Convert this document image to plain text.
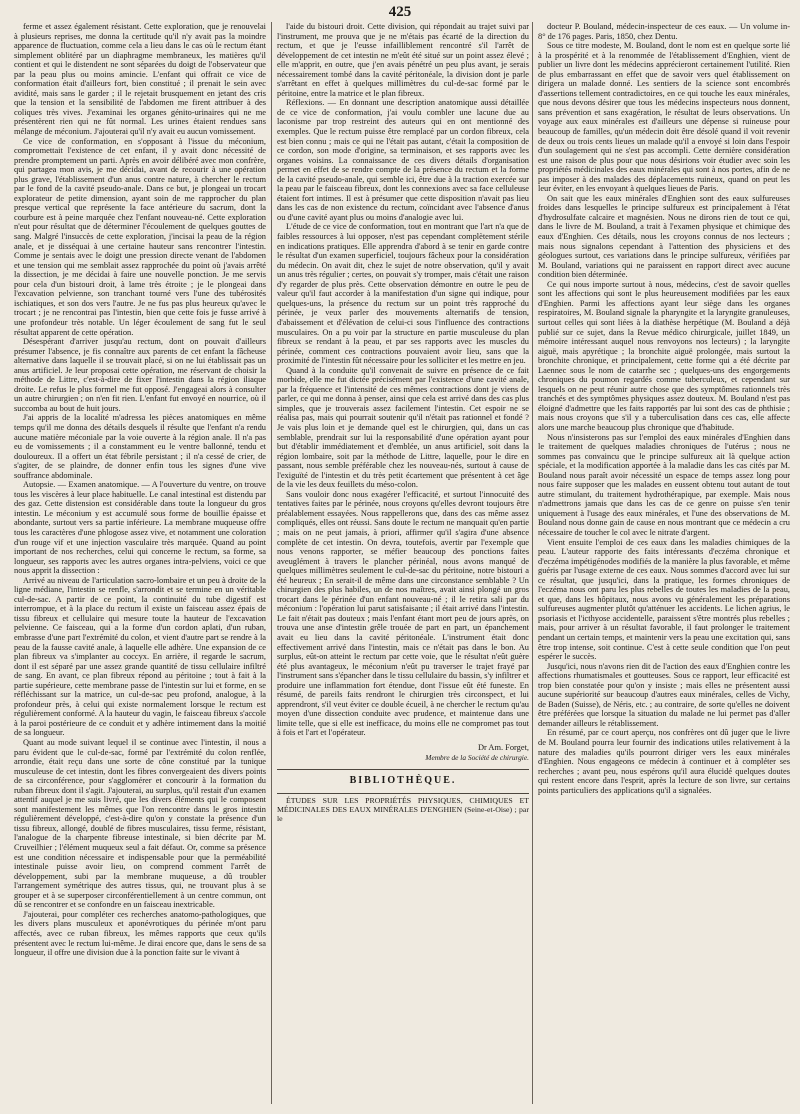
425

ferme et assez également résistant. Cette exploration, que je renouvelai à plusieurs reprises, me donna la certitude qu'il n'y avait pas la moindre apparence de fluctuation, comme cela a lieu dans le cas où le rectum étant simplement oblitéré par un diaphragme membraneux, les matières qu'il contient et qui le distendent ne sont séparées du doigt de l'observateur que par la peau plus ou moins amincie. L'enfant qui offrait ce vice de conformation était d'ailleurs fort, bien constitué ; il prenait le sein avec avidité, mais sans le garder ; il le rejetait brusquement en jetant des cris que la tension et la sensibilité de l'abdomen me firent attribuer à des coliques très vives. J'examinai les organes génito-urinaires qui ne me présentèrent rien qui ne fût normal. Les urines étaient rendues sans mélange de méconium. J'ajouterai qu'il n'y avait eu aucun vomissement.

Ce vice de conformation, en s'opposant à l'issue du méconium, compromettait l'existence de cet enfant, il y avait donc nécessité de prendre promptement un parti. Après en avoir délibéré avec mon confrère, qui partagea mon avis, je me décidai, avant de recourir à une opération plus grave, l'établissement d'un anus contre nature, à chercher le rectum par le fond de la cavité pseudo-anale. Dans ce but, je plongeai un trocart explorateur de petite dimension, ayant soin de me rapprocher du plan presque vertical que représente la face antérieure du sacrum, dont la courbure est à peine marquée chez l'enfant nouveau-né. Cette exploration n'eut pour résultat que de déterminer l'écoulement de quelques gouttes de sang. Malgré l'insuccès de cette exploration, j'incisai la peau de la région anale, et je disséquai à une certaine hauteur sans rencontrer l'intestin. Comme je sentais avec le doigt une pression directe venant de l'abdomen et une tension qui me semblait assez rapprochée du point où j'avais arrêté la dissection, je me décidai à faire une nouvelle ponction. Je me servis pour cela d'un bistouri droit, à lame très étroite ; je le plongeai dans l'excavation pelvienne, son tranchant tourné vers l'une des tubérosités ischiatiques, et son dos vers l'autre. Je ne fus pas plus heureux qu'avec le trocart ; je ne rencontrai pas l'intestin, bien que cette fois je fusse arrivé à une profondeur très notable. Un léger écoulement de sang fut le seul résultat apparent de cette opération.

Désespérant d'arriver jusqu'au rectum, dont on pouvait d'ailleurs présumer l'absence, je fis connaître aux parents de cet enfant la fâcheuse alternative dans laquelle il se trouvait placé, si on ne lui établissait pas un anus artificiel. Je leur proposai cette opération, me réservant de choisir la méthode de Littre, c'est-à-dire de fixer l'intestin dans la région iliaque droite. Le refus le plus formel me fut opposé. J'engageai alors à consulter un autre chirurgien ; on n'en fit rien. L'enfant fut envoyé en nourrice, où il succomba au bout de huit jours.

J'ai appris de la localité m'adressa les pièces anatomiques en même temps qu'il me donna des détails desquels il résulte que l'enfant n'a rendu aucune matière méconiale par la voie ouverte à la région anale. Il n'a pas eu de vomissements ; il a constamment eu le ventre ballonné, tendu et douloureux. Il a offert un état fébrile persistant ; il n'a cessé de crier, de s'agiter, de se plaindre, de donner enfin tous les signes d'une vive souffrance abdominale.

Autopsie. — Examen anatomique. — A l'ouverture du ventre, on trouve tous les viscères à leur place habituelle. Le canal intestinal est distendu par des gaz. Cette distension est considérable dans toute la longueur du gros intestin. Le méconium y est accumulé sous forme de bouillie épaisse et abondante, surtout vers sa partie inférieure. La membrane muqueuse offre tous les caractères d'une phlogose assez vive, et notamment une coloration d'un rouge vif et une injection vasculaire très marquée. Quand au point important de nos recherches, celui qui concerne le rectum, sa forme, sa longueur, ses rapports avec les autres organes intra-pelviens, voici ce que nous apprit la dissection :

Arrivé au niveau de l'articulation sacro-lombaire et un peu à droite de la ligne médiane, l'intestin se renfle, s'arrondit et se termine en un véritable cul-de-sac. A partir de ce point, la continuité du tube digestif est interrompue, et à la place du rectum il existe un faisceau assez épais de tissu fibreux et cellulaire qui mesure toute la hauteur de l'excavation pelvienne. Ce faisceau, qui a la forme d'un cordon aplati, d'un ruban, embrasse d'une part l'extrémité du colon, et vient d'autre part se rendre à la peau de la fausse cavité anale, à laquelle elle adhère. Une expansion de ce plan fibreux va s'implanter au coccyx. En arrière, il regarde le sacrum, dont il est séparé par une assez grande quantité de tissu cellulaire infiltré de sang. En avant, ce plan fibreux répond au péritoine ; tout à fait à la partie supérieure, cette membrane passe de l'intestin sur lui et forme, en se réfléchissant sur la matrice, un cul-de-sac peu profond, analogue, à la profondeur près, à celui qui existe normalement lorsque le rectum est régulièrement conformé. A la hauteur du vagin, le faisceau fibreux s'accole à la paroi postérieure de ce conduit et y adhère intimement dans la moitié de sa longueur.

Quant au mode suivant lequel il se continue avec l'intestin, il nous a paru évident que le cul-de-sac, formé par l'extrémité du colon renflée, arrondie, était reçu dans une sorte de cône constitué par la tunique musculeuse de cet intestin, dont les fibres convergeaient des divers points de sa circonférence, pour s'agglomérer et concourir à la formation du ruban fibreux dont il s'agit. J'ajouterai, au surplus, qu'il restait d'un examen attentif auquel je me suis livré, que les divers éléments qui le composent sont manifestement les mêmes que l'on rencontre dans le gros intestin régulièrement développé, c'est-à-dire qu'on y constate la présence d'un tissu fibreux, allongé, doublé de fibres musculaires, tissu ferme, résistant, l'analogue de la charpente fibreuse intestinale, si bien décrite par M. Cruveilhier ; l'élément muqueux seul a fait défaut. Or, comme sa présence est une condition nécessaire et indispensable pour que la perméabilité intestinale puisse avoir lieu, on comprend comment l'arrêt de développement, subi par la membrane muqueuse, a dû troubler l'arrangement symétrique des autres tissus, qui, ne trouvant plus à se grouper et à se superposer circonférentiellement à un centre commun, ont dû se rencontrer et se confondre en un faisceau inextricable.

J'ajouterai, pour compléter ces recherches anatomo-pathologiques, que les divers plans musculeux et aponévrotiques du périnée m'ont paru affectés, avec ce ruban fibreux, les mêmes rapports que ceux qu'ils présentent avec le rectum lui-même. Je dirai encore que, dans le sens de sa longueur, il offre une division due à la ponction faite sur le vivant à

l'aide du bistouri droit. Cette division, qui répondait au trajet suivi par l'instrument, me prouva que je ne m'étais pas écarté de la direction du rectum, et que je l'eusse infailliblement rencontré s'il l'arrêt de développement de cet intestin ne m'eût été situé sur un point assez élevé ; elle m'apprit, en outre, que j'en avais pénétré un peu plus avant, je serais nécessairement tombé dans la cavité péritonéale, la division dont je parle s'arrêtant en effet à quelques millimètres du cul-de-sac formé par le péritoine, entre la matrice et le plan fibreux.

Réflexions. — En donnant une description anatomique aussi détaillée de ce vice de conformation, j'ai voulu combler une lacune due au laconisme par trop restreint des auteurs qui en ont mentionné des exemples. Que le rectum puisse être remplacé par un cordon fibreux, cela est bien connu ; mais ce qui ne l'était pas autant, c'était la composition de ce cordon, son mode d'origine, sa terminaison, et ses rapports avec les organes voisins. La connaissance de ces divers détails d'organisation permet en effet de se rendre compte de la présence du rectum et la forme de la cavité pseudo-anale, qui semble ici, être due à la traction exercée sur la peau par le faisceau fibreux, dont les connexions avec sa face celluleuse étaient fort intimes. Il est à présumer que cette disposition n'avait pas lieu dans les cas de non existence du rectum, coïncidant avec l'absence d'anus ou d'une cavité ayant plus ou moins d'analogie avec lui.

L'étude de ce vice de conformation, tout en montrant que l'art n'a que de faibles ressources à lui opposer, n'est pas cependant complètement stérile en indications pratiques. Elle apprendra d'abord à se tenir en garde contre le résultat d'un examen superficiel, toujours fâcheux pour la considération du médecin. On avait dit, chez le sujet de notre observation, qu'il y avait un anus très régulier ; certes, on pouvait s'y tromper, mais c'était une raison d'y regarder de plus près. Cette observation démontre en outre le peu de valeur qu'il faut accorder à la manifestation d'un signe qui indique, pour quelques-uns, la présence du rectum sur un point très rapproché du périnée, je veux parler des mouvements alternatifs de tension, d'abaissement et d'élévation de celui-ci sous l'influence des contractions musculaires. On a pu voir par la structure en partie musculeuse du plan fibreux se rendant à la peau, et par ses rapports avec les muscles du périnée, comment ces contractions pouvaient avoir lieu, sans que la proximité de l'intestin fût nécessaire pour les solliciter et les mettre en jeu.

Quand à la conduite qu'il convenait de suivre en présence de ce fait morbide, elle me fut dictée précisément par l'existence d'une cavité anale, par la fréquence et l'intensité de ces mêmes contractions dont je viens de parler, ce qui me donna à penser, ainsi que cela est arrivé dans des cas plus simples, que je trouverais assez facilement l'intestin. Cet espoir ne se réalisa pas, mais qui pourrait soutenir qu'il n'était pas rationnel et fondé ? Je vais plus loin et je demande quel est le chirurgien, qui, dans un cas semblable, prendrait sur lui la responsabilité d'une opération ayant pour but d'établir immédiatement et d'emblée, un anus artificiel, soit dans la région lombaire, soit par la méthode de Littre, laquelle, pour le dire en passant, nous semble préférable chez les nouveau-nés, surtout à cause de l'exiguïté de l'intestin et du très petit écartement que présentent à cet âge de la vie les deux feuillets du méso-colon.

Sans vouloir donc nous exagérer l'efficacité, et surtout l'innocuité des tentatives faites par le périnée, nous croyons qu'elles devront toujours être préalablement essayées. Nous rappellerons que, dans des cas même assez compliqués, elles ont réussi. Sans doute le rectum ne manquait qu'en partie ; mais on ne peut jamais, à priori, affirmer qu'il s'agira d'une absence complète de cet intestin. On devra, toutefois, avertir par l'exemple que nous venons rapporter, se méfier beaucoup des ponctions faites aveuglément à travers le plancher périnéal, nous avons manqué de quelques millimètres seulement le cul-de-sac du péritoine, notre bistouri a été heureux ; En serait-il de même dans une circonstance semblable ? Un chirurgien des plus habiles, un de nos maîtres, avait ainsi plongé un gros trocart dans le périnée d'un enfant nouveau-né ; il le retira sali par du méconium : l'opération lui parut satisfaisante ; il était arrivé dans l'intestin. Le fait n'était pas douteux ; mais l'enfant étant mort peu de jours après, on trouva une anse d'intestin grêle trouée de part en part, un épanchement avait eu lieu dans la cavité péritonéale. L'instrument était donc effectivement arrivé dans l'intestin, mais ce n'était pas dans le bon. Au surplus, eût-on atteint le rectum par cette voie, que le résultat n'eût guère été plus avantageux, le méconium n'eût pu traverser le trajet frayé par l'instrument sans s'épancher dans le tissu cellulaire du bassin, s'y infiltrer et produire une inflammation fort étendue, dont l'issue eût été funeste. En résumé, de pareils faits rendront le chirurgien très circonspect, et lui apprendront, s'il veut éviter ce double écueil, à ne chercher le rectum qu'au moyen d'une dissection conduite avec prudence, et maintenue dans une limite telle, que si elle est inefficace, du moins elle ne compromet pas tout à fois et l'art et l'opérateur.

Dr Am. Forget,
Membre de la Société de chirurgie.
BIBLIOTHÈQUE.

ÉTUDES SUR LES PROPRIÉTÉS PHYSIQUES, CHIMIQUES ET MÉDICINALES DES EAUX MINÉRALES D'ENGHIEN (Seine-et-Oise) ; par le

docteur P. Bouland, médecin-inspecteur de ces eaux. — Un volume in-8° de 176 pages. Paris, 1850, chez Dentu.

Sous ce titre modeste, M. Bouland, dont le nom est en quelque sorte lié à la prospérité et à la renommée de l'établissement d'Enghien, vient de publier un livre dont les médecins apprécieront certainement l'utilité. Rien de plus embarrassant en effet que de savoir vers quel établissement on dirigera un malade donné. Les sentiers de la science sont encombrés d'assertions tellement contradictoires, en ce qui touche les eaux minérales, que nous devons désirer que tous les médecins inspecteurs nous donnent, sans prévention et sans exagération, le résultat de leurs observations. Un voyage aux eaux minérales est d'ailleurs une dépense si ruineuse pour beaucoup de familles, qu'un médecin doit être désolé quand il voit revenir de deux ou trois cents lieues un malade qu'il a envoyé si loin dans l'espoir d'un soulagement qui ne s'est pas accompli. Cette dernière considération est une raison de plus pour que nous désirions voir étudier avec soin les propriétés médicinales des eaux minérales qui sont à nos portes, afin de ne pas imposer à des malades des déplacements ruineux, quand on peut les leur éviter, en les envoyant à quelques lieues de Paris.

On sait que les eaux minérales d'Enghien sont des eaux sulfureuses froides dans lesquelles le principe sulfureux est principalement à l'état d'hydrosulfate calcaire et magnésien. Nous ne dirons rien de tout ce qui, dans le livre de M. Bouland, a trait à l'examen physique et chimique des eaux d'Enghien. Ces détails, nous les croyons connus de nos lecteurs ; mais nous signalons cependant à l'attention des physiciens et des géologues surtout, ces variations dans le principe sulfureux, vérifiées par M. Bouland, variations qui ne paraissent en rapport direct avec aucune condition bien déterminée.

Ce qui nous importe surtout à nous, médecins, c'est de savoir quelles sont les affections qui sont le plus heureusement modifiées par les eaux d'Enghien. Parmi les affections ayant leur siège dans les organes respiratoires, M. Bouland signale la pharyngite et la laryngite granuleuses, surtout celles qui sont liées à la diathèse herpétique (M. Bouland a déjà publié sur ce sujet, dans la Revue médico chirurgicale, juillet 1849, un mémoire intéressant auquel nous renvoyons nos lecteurs) ; la laryngite aiguë, mais apyrétique ; la bronchite aiguë prolongée, mais surtout la bronchite chronique, et principalement, cette forme qui a été décrite par Laennec sous le nom de catarrhe sec ; quelques-uns des engorgements chroniques du poumon regardés comme tuberculeux, et cependant sur lesquels on ne peut réunir autre chose que des symptômes rationnels très tranchés et des symptômes physiques assez douteux. M. Bouland n'est pas éloigné d'admettre que les faits rapportés par lui sont des cas de phthisie ; mais nous croyons que s'il y a tuberculisation dans ces cas, elle affecte alors une marche beaucoup plus chronique que d'habitude.

Nous n'insisterons pas sur l'emploi des eaux minérales d'Enghien dans le traitement de quelques maladies chroniques de l'utérus ; nous ne sommes pas convaincu que le principe sulfureux ait là quelque action spéciale, et la modification apportée à la maladie dans les cas cités par M. Bouland nous paraît avoir nécessité un espace de temps assez long pour nous faire supposer que les malades en eussent obtenu tout autant de tout autre stimulant, du traitement hydrothérapique, par exemple. Mais nous n'admettrons jamais que dans les cas de ce genre on puisse s'en tenir uniquement à l'usage des eaux minérales, et l'une des observations de M. Bouland nous donne gain de cause en nous montrant que ce médecin a cru nécessaire de toucher le col avec le nitrate d'argent.

Vient ensuite l'emploi de ces eaux dans les maladies chimiques de la peau. L'auteur rapporte des faits intéressants d'eczéma chronique et d'eczéma impétigénodes modifiés de la manière la plus favorable, et même guéris par l'usage externe de ces eaux. Nous sommes d'accord avec lui sur ce résultat, que jusqu'ici, dans la pratique, les formes chroniques de l'eczéma nous ont paru les plus rebelles de toutes les maladies de la peau, et que, dans les hôpitaux, nous avons vu généralement les préparations sulfureuses augmenter plutôt qu'atténuer les accidents. Le lichen agrius, le psoriasis et l'icthyose accidentelle, paraissent s'être montrés plus rebelles ; mais, pour arriver à un résultat favorable, il faut prolonger le traitement pendant un certain temps, et maintenir vers la peau une excitation qui, sans être trop intense, soit continue. C'est à cette seule condition que l'on peut espérer le succès.

Jusqu'ici, nous n'avons rien dit de l'action des eaux d'Enghien contre les affections rhumatismales et goutteuses. Sous ce rapport, leur efficacité est trop bien constatée pour qu'on y insiste ; mais elles ne présentent aussi aucune supériorité sur beaucoup d'autres eaux minérales, celles de Vichy, de Baden (Suisse), de Néris, etc. ; au contraire, de sorte qu'elles ne doivent être préférées que lorsque la situation du malade ne lui permet pas d'aller demander ailleurs le rétablissement.

En résumé, par ce court aperçu, nos confrères ont dû juger que le livre de M. Bouland pourra leur fournir des indications utiles relativement à la nature des maladies qu'ils pourront diriger vers les eaux minérales d'Enghien. Nous engageons ce médecin à continuer et à compléter ses recherches ; avant peu, nous espérons qu'il aura élucidé quelques doutes qui restent encore dans l'esprit, après la lecture de son livre, sur certains points particuliers des applications qu'il a signalées.
